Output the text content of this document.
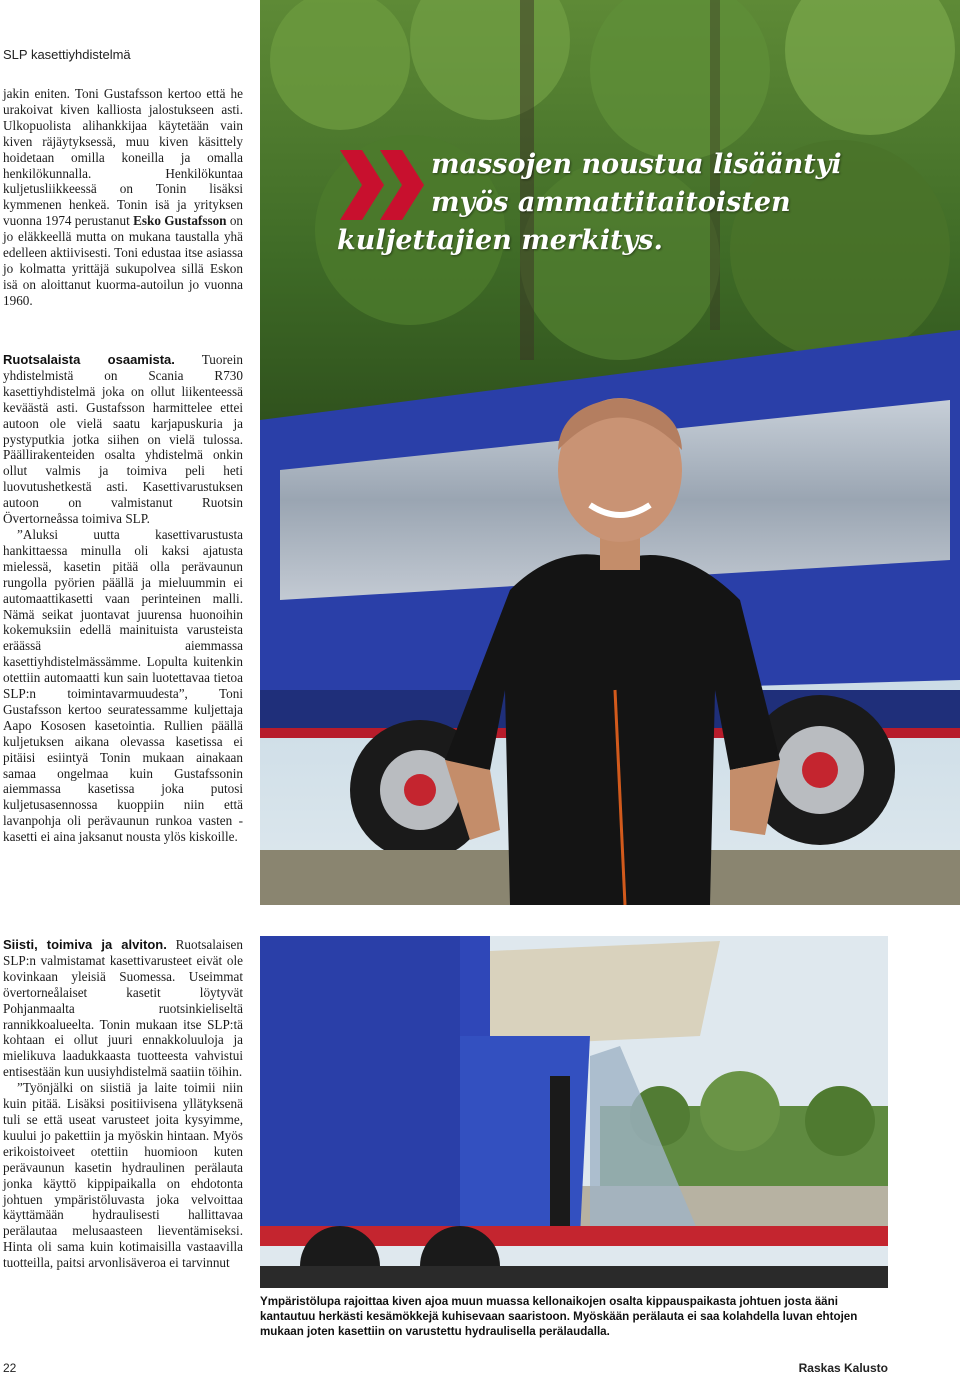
SLP kasettiyhdistelmä

jakin eniten. Toni Gustafsson kertoo että he urakoivat kiven kalliosta jalostukseen asti. Ulkopuolista alihankkijaa käytetään vain kiven räjäytyksessä, muu kiven käsittely hoidetaan omilla koneilla ja omalla henkilökunnalla. Henkilökuntaa kuljetusliikkeessä on Tonin lisäksi kymmenen henkeä. Tonin isä ja yrityksen vuonna 1974 perustanut Esko Gustafsson on jo eläkkeellä mutta on mukana taustalla yhä edelleen aktiivisesti. Toni edustaa itse asiassa jo kolmatta yrittäjä sukupolvea sillä Eskon isä on aloittanut kuorma-autoilun jo vuonna 1960.

Ruotsalaista osaamista. Tuorein yhdistelmistä on Scania R730 kasettiyhdistelmä joka on ollut liikenteessä keväästä asti. Gustafsson harmittelee ettei autoon ole vielä saatu karjapuskuria ja pystyputkia jotka siihen on vielä tulossa. Päällirakenteiden osalta yhdistelmä onkin ollut valmis ja toimiva peli heti luovutushetkestä asti. Kasettivarustuksen autoon on valmistanut Ruotsin Övertorneåssa toimiva SLP.

”Aluksi uutta kasettivarustusta hankittaessa minulla oli kaksi ajatusta mielessä, kasetin pitää olla perävaunun rungolla pyörien päällä ja mieluummin ei automaattikasetti vaan perinteinen malli. Nämä seikat juontavat juurensa huonoihin kokemuksiin edellä mainituista varusteista eräässä aiemmassa kasettiyhdistelmässämme. Lopulta kuitenkin otettiin automaatti kun sain luotettavaa tietoa SLP:n toimintavarmuudesta”, Toni Gustafsson kertoo seuratessamme kuljettaja Aapo Kososen kasetointia. Rullien päällä kuljetuksen aikana olevassa kasetissa ei pitäisi esiintyä Tonin mukaan ainakaan samaa ongelmaa kuin Gustafssonin aiemmassa kasetissa joka putosi kuljetusasennossa kuoppiin niin että lavanpohja oli perävaunun runkoa vasten -kasetti ei aina jaksanut nousta ylös kiskoille.

Siisti, toimiva ja alviton. Ruotsalaisen SLP:n valmistamat kasettivarusteet eivät ole kovinkaan yleisiä Suomessa. Useimmat övertorneålaiset kasetit löytyvät Pohjanmaalta ruotsinkieliseltä rannikkoalueelta. Tonin mukaan itse SLP:tä kohtaan ei ollut juuri ennakkoluuloja ja mielikuva laadukkaasta tuotteesta vahvistui entisestään kun uusiyhdistelmä saatiin töihin.

”Työnjälki on siistiä ja laite toimii niin kuin pitää. Lisäksi positiivisena yllätyksenä tuli se että useat varusteet joita kysyimme, kuului jo pakettiin ja myöskin hintaan. Myös erikoistoiveet otettiin huomioon kuten perävaunun kasetin hydraulinen perälauta jonka käyttö kippipaikalla on ehdotonta johtuen ympäristöluvasta joka velvoittaa käyttämään hydraulisesti hallittavaa perälautaa melusaasteen lieventämiseksi. Hinta oli sama kuin kotimaisilla vastaavilla tuotteilla, paitsi arvonlisäveroa ei tarvinnut

massojen noustua lisääntyi
myös ammattitaitoisten
kuljettajien merkitys.
Ympäristölupa rajoittaa kiven ajoa muun muassa kellonaikojen osalta kippauspaikasta johtuen josta ääni kantautuu herkästi kesämökkejä kuhisevaan saaristoon. Myöskään perälauta ei saa kolahdella luvan ehtojen mukaan joten kasettiin on varustettu hydraulisella perälaudalla.
22	Raskas Kalusto
